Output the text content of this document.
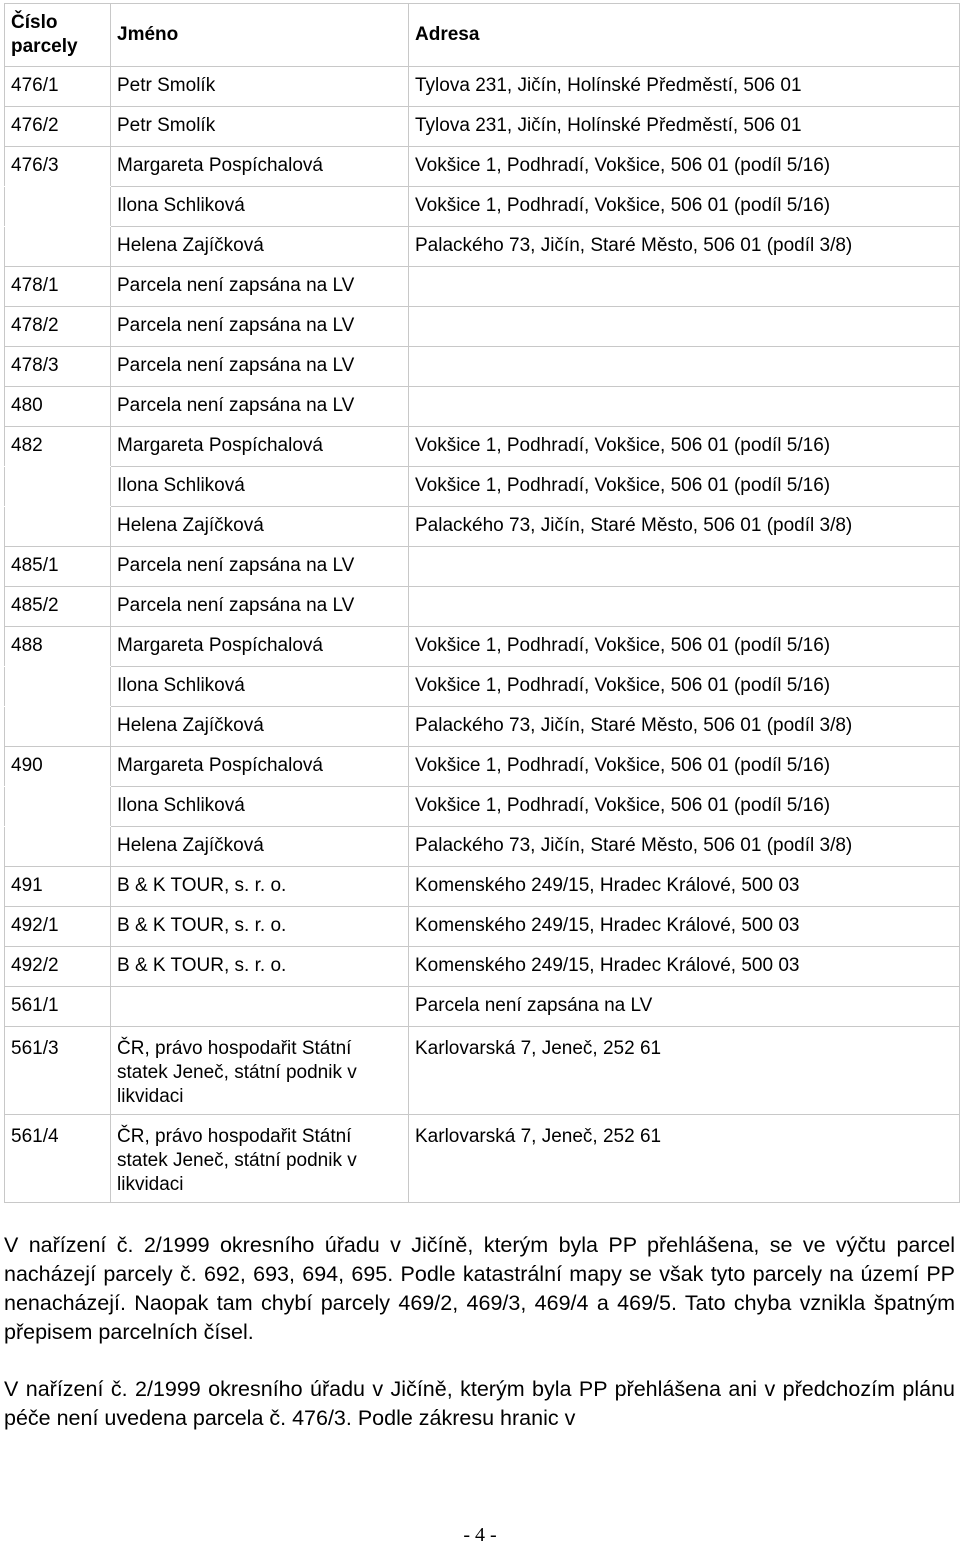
Číslo parcely	Jméno	Adresa
476/1	Petr Smolík	Tylova 231, Jičín, Holínské Předměstí, 506 01
476/2	Petr Smolík	Tylova 231, Jičín, Holínské Předměstí, 506 01
476/3	Margareta Pospíchalová	Vokšice 1, Podhradí, Vokšice, 506 01 (podíl 5/16)
	Ilona Schliková	Vokšice 1, Podhradí, Vokšice, 506 01 (podíl 5/16)
	Helena Zajíčková	Palackého 73, Jičín, Staré Město, 506 01 (podíl 3/8)
478/1	Parcela není zapsána na LV	
478/2	Parcela není zapsána na LV	
478/3	Parcela není zapsána na LV	
480	Parcela není zapsána na LV	
482	Margareta Pospíchalová	Vokšice 1, Podhradí, Vokšice, 506 01 (podíl 5/16)
	Ilona Schliková	Vokšice 1, Podhradí, Vokšice, 506 01 (podíl 5/16)
	Helena Zajíčková	Palackého 73, Jičín, Staré Město, 506 01 (podíl 3/8)
485/1	Parcela není zapsána na LV	
485/2	Parcela není zapsána na LV	
488	Margareta Pospíchalová	Vokšice 1, Podhradí, Vokšice, 506 01 (podíl 5/16)
	Ilona Schliková	Vokšice 1, Podhradí, Vokšice, 506 01 (podíl 5/16)
	Helena Zajíčková	Palackého 73, Jičín, Staré Město, 506 01 (podíl 3/8)
490	Margareta Pospíchalová	Vokšice 1, Podhradí, Vokšice, 506 01 (podíl 5/16)
	Ilona Schliková	Vokšice 1, Podhradí, Vokšice, 506 01 (podíl 5/16)
	Helena Zajíčková	Palackého 73, Jičín, Staré Město, 506 01 (podíl 3/8)
491	B & K TOUR, s. r. o.	Komenského 249/15, Hradec Králové, 500 03
492/1	B & K TOUR, s. r. o.	Komenského 249/15, Hradec Králové, 500 03
492/2	B & K TOUR, s. r. o.	Komenského 249/15, Hradec Králové, 500 03
561/1		Parcela není zapsána na LV
561/3	ČR, právo hospodařit Státní statek Jeneč, státní podnik v likvidaci	Karlovarská 7, Jeneč, 252 61
561/4	ČR, právo hospodařit Státní statek Jeneč, státní podnik v likvidaci	Karlovarská 7, Jeneč, 252 61

V nařízení č. 2/1999 okresního úřadu v Jičíně, kterým byla PP přehlášena, se ve výčtu parcel nacházejí parcely č. 692, 693, 694, 695. Podle katastrální mapy se však tyto parcely na území PP nenacházejí. Naopak tam chybí parcely 469/2, 469/3, 469/4 a 469/5. Tato chyba vznikla špatným přepisem parcelních čísel.

V nařízení č. 2/1999 okresního úřadu v Jičíně, kterým byla PP přehlášena ani v předchozím plánu péče není uvedena parcela č. 476/3. Podle zákresu hranic v

- 4 -
